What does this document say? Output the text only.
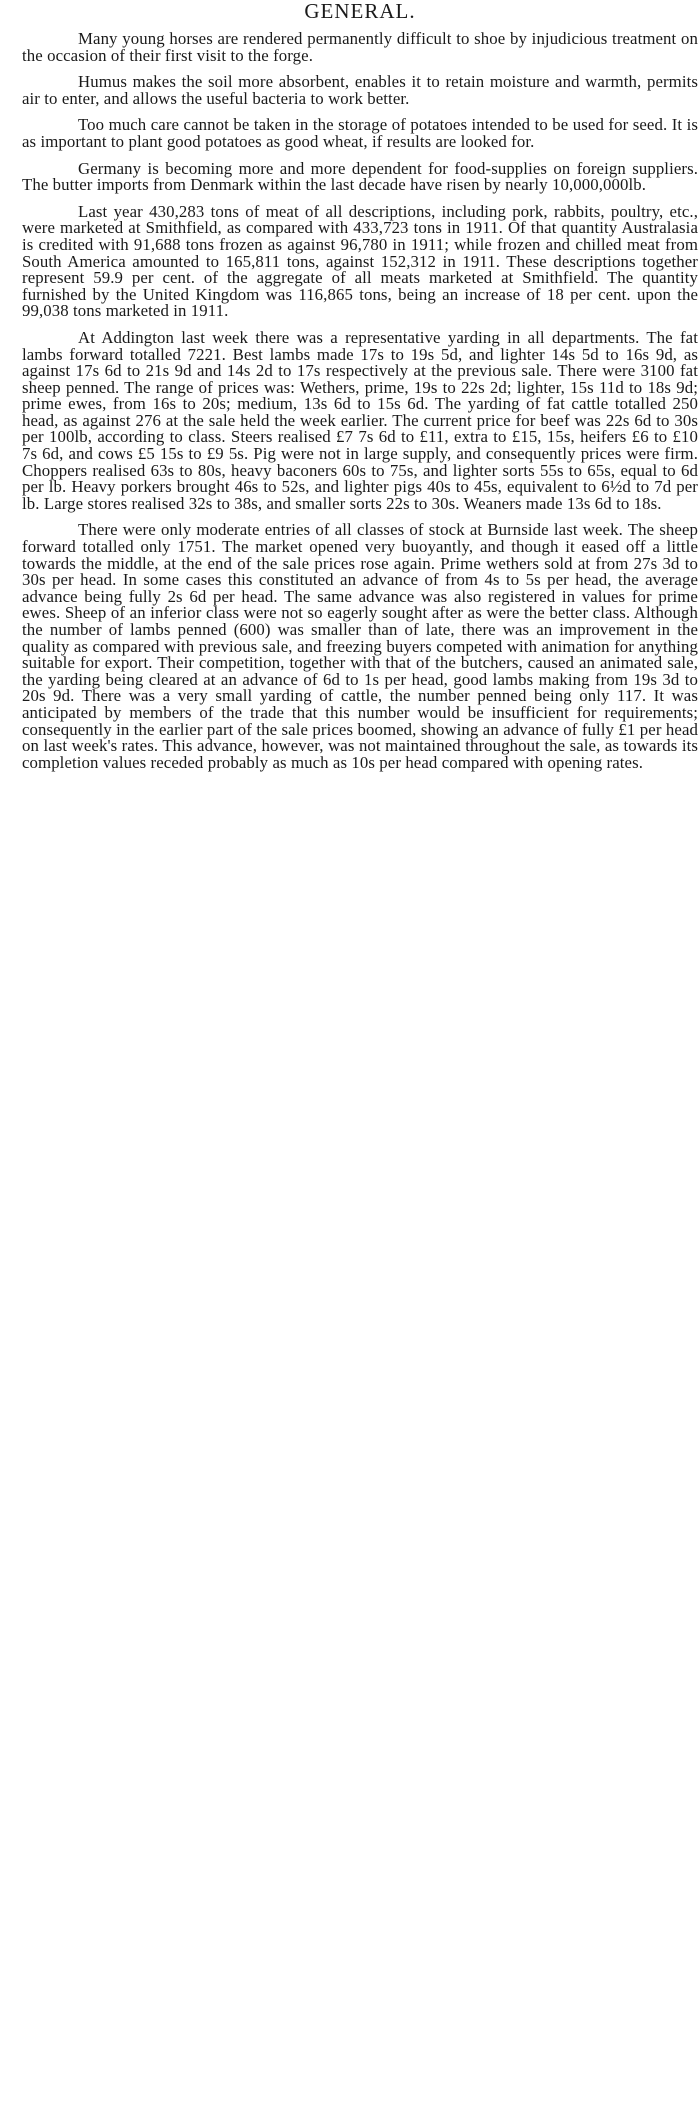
GENERAL.

Many young horses are rendered permanently difficult to shoe by injudicious treatment on the occasion of their first visit to the forge.

Humus makes the soil more absorbent, enables it to retain moisture and warmth, permits air to enter, and allows the useful bacteria to work better.

Too much care cannot be taken in the storage of potatoes intended to be used for seed. It is as important to plant good potatoes as good wheat, if results are looked for.

Germany is becoming more and more dependent for food-supplies on foreign suppliers. The butter imports from Denmark within the last decade have risen by nearly 10,000,000lb.

Last year 430,283 tons of meat of all descriptions, including pork, rabbits, poultry, etc., were marketed at Smithfield, as compared with 433,723 tons in 1911. Of that quantity Australasia is credited with 91,688 tons frozen as against 96,780 in 1911; while frozen and chilled meat from South America amounted to 165,811 tons, against 152,312 in 1911. These descriptions together represent 59.9 per cent. of the aggregate of all meats marketed at Smithfield. The quantity furnished by the United Kingdom was 116,865 tons, being an increase of 18 per cent. upon the 99,038 tons marketed in 1911.

At Addington last week there was a representative yarding in all departments. The fat lambs forward totalled 7221. Best lambs made 17s to 19s 5d, and lighter 14s 5d to 16s 9d, as against 17s 6d to 21s 9d and 14s 2d to 17s respectively at the previous sale. There were 3100 fat sheep penned. The range of prices was: Wethers, prime, 19s to 22s 2d; lighter, 15s 11d to 18s 9d; prime ewes, from 16s to 20s; medium, 13s 6d to 15s 6d. The yarding of fat cattle totalled 250 head, as against 276 at the sale held the week earlier. The current price for beef was 22s 6d to 30s per 100lb, according to class. Steers realised £7 7s 6d to £11, extra to £15, 15s, heifers £6 to £10 7s 6d, and cows £5 15s to £9 5s. Pig were not in large supply, and consequently prices were firm. Choppers realised 63s to 80s, heavy baconers 60s to 75s, and lighter sorts 55s to 65s, equal to 6d per lb. Heavy porkers brought 46s to 52s, and lighter pigs 40s to 45s, equivalent to 6½d to 7d per lb. Large stores realised 32s to 38s, and smaller sorts 22s to 30s. Weaners made 13s 6d to 18s.

There were only moderate entries of all classes of stock at Burnside last week. The sheep forward totalled only 1751. The market opened very buoyantly, and though it eased off a little towards the middle, at the end of the sale prices rose again. Prime wethers sold at from 27s 3d to 30s per head. In some cases this constituted an advance of from 4s to 5s per head, the average advance being fully 2s 6d per head. The same advance was also registered in values for prime ewes. Sheep of an inferior class were not so eagerly sought after as were the better class. Although the number of lambs penned (600) was smaller than of late, there was an improvement in the quality as compared with previous sale, and freezing buyers competed with animation for anything suitable for export. Their competition, together with that of the butchers, caused an animated sale, the yarding being cleared at an advance of 6d to 1s per head, good lambs making from 19s 3d to 20s 9d. There was a very small yarding of cattle, the number penned being only 117. It was anticipated by members of the trade that this number would be insufficient for requirements; consequently in the earlier part of the sale prices boomed, showing an advance of fully £1 per head on last week's rates. This advance, however, was not maintained throughout the sale, as towards its completion values receded probably as much as 10s per head compared with opening rates.
